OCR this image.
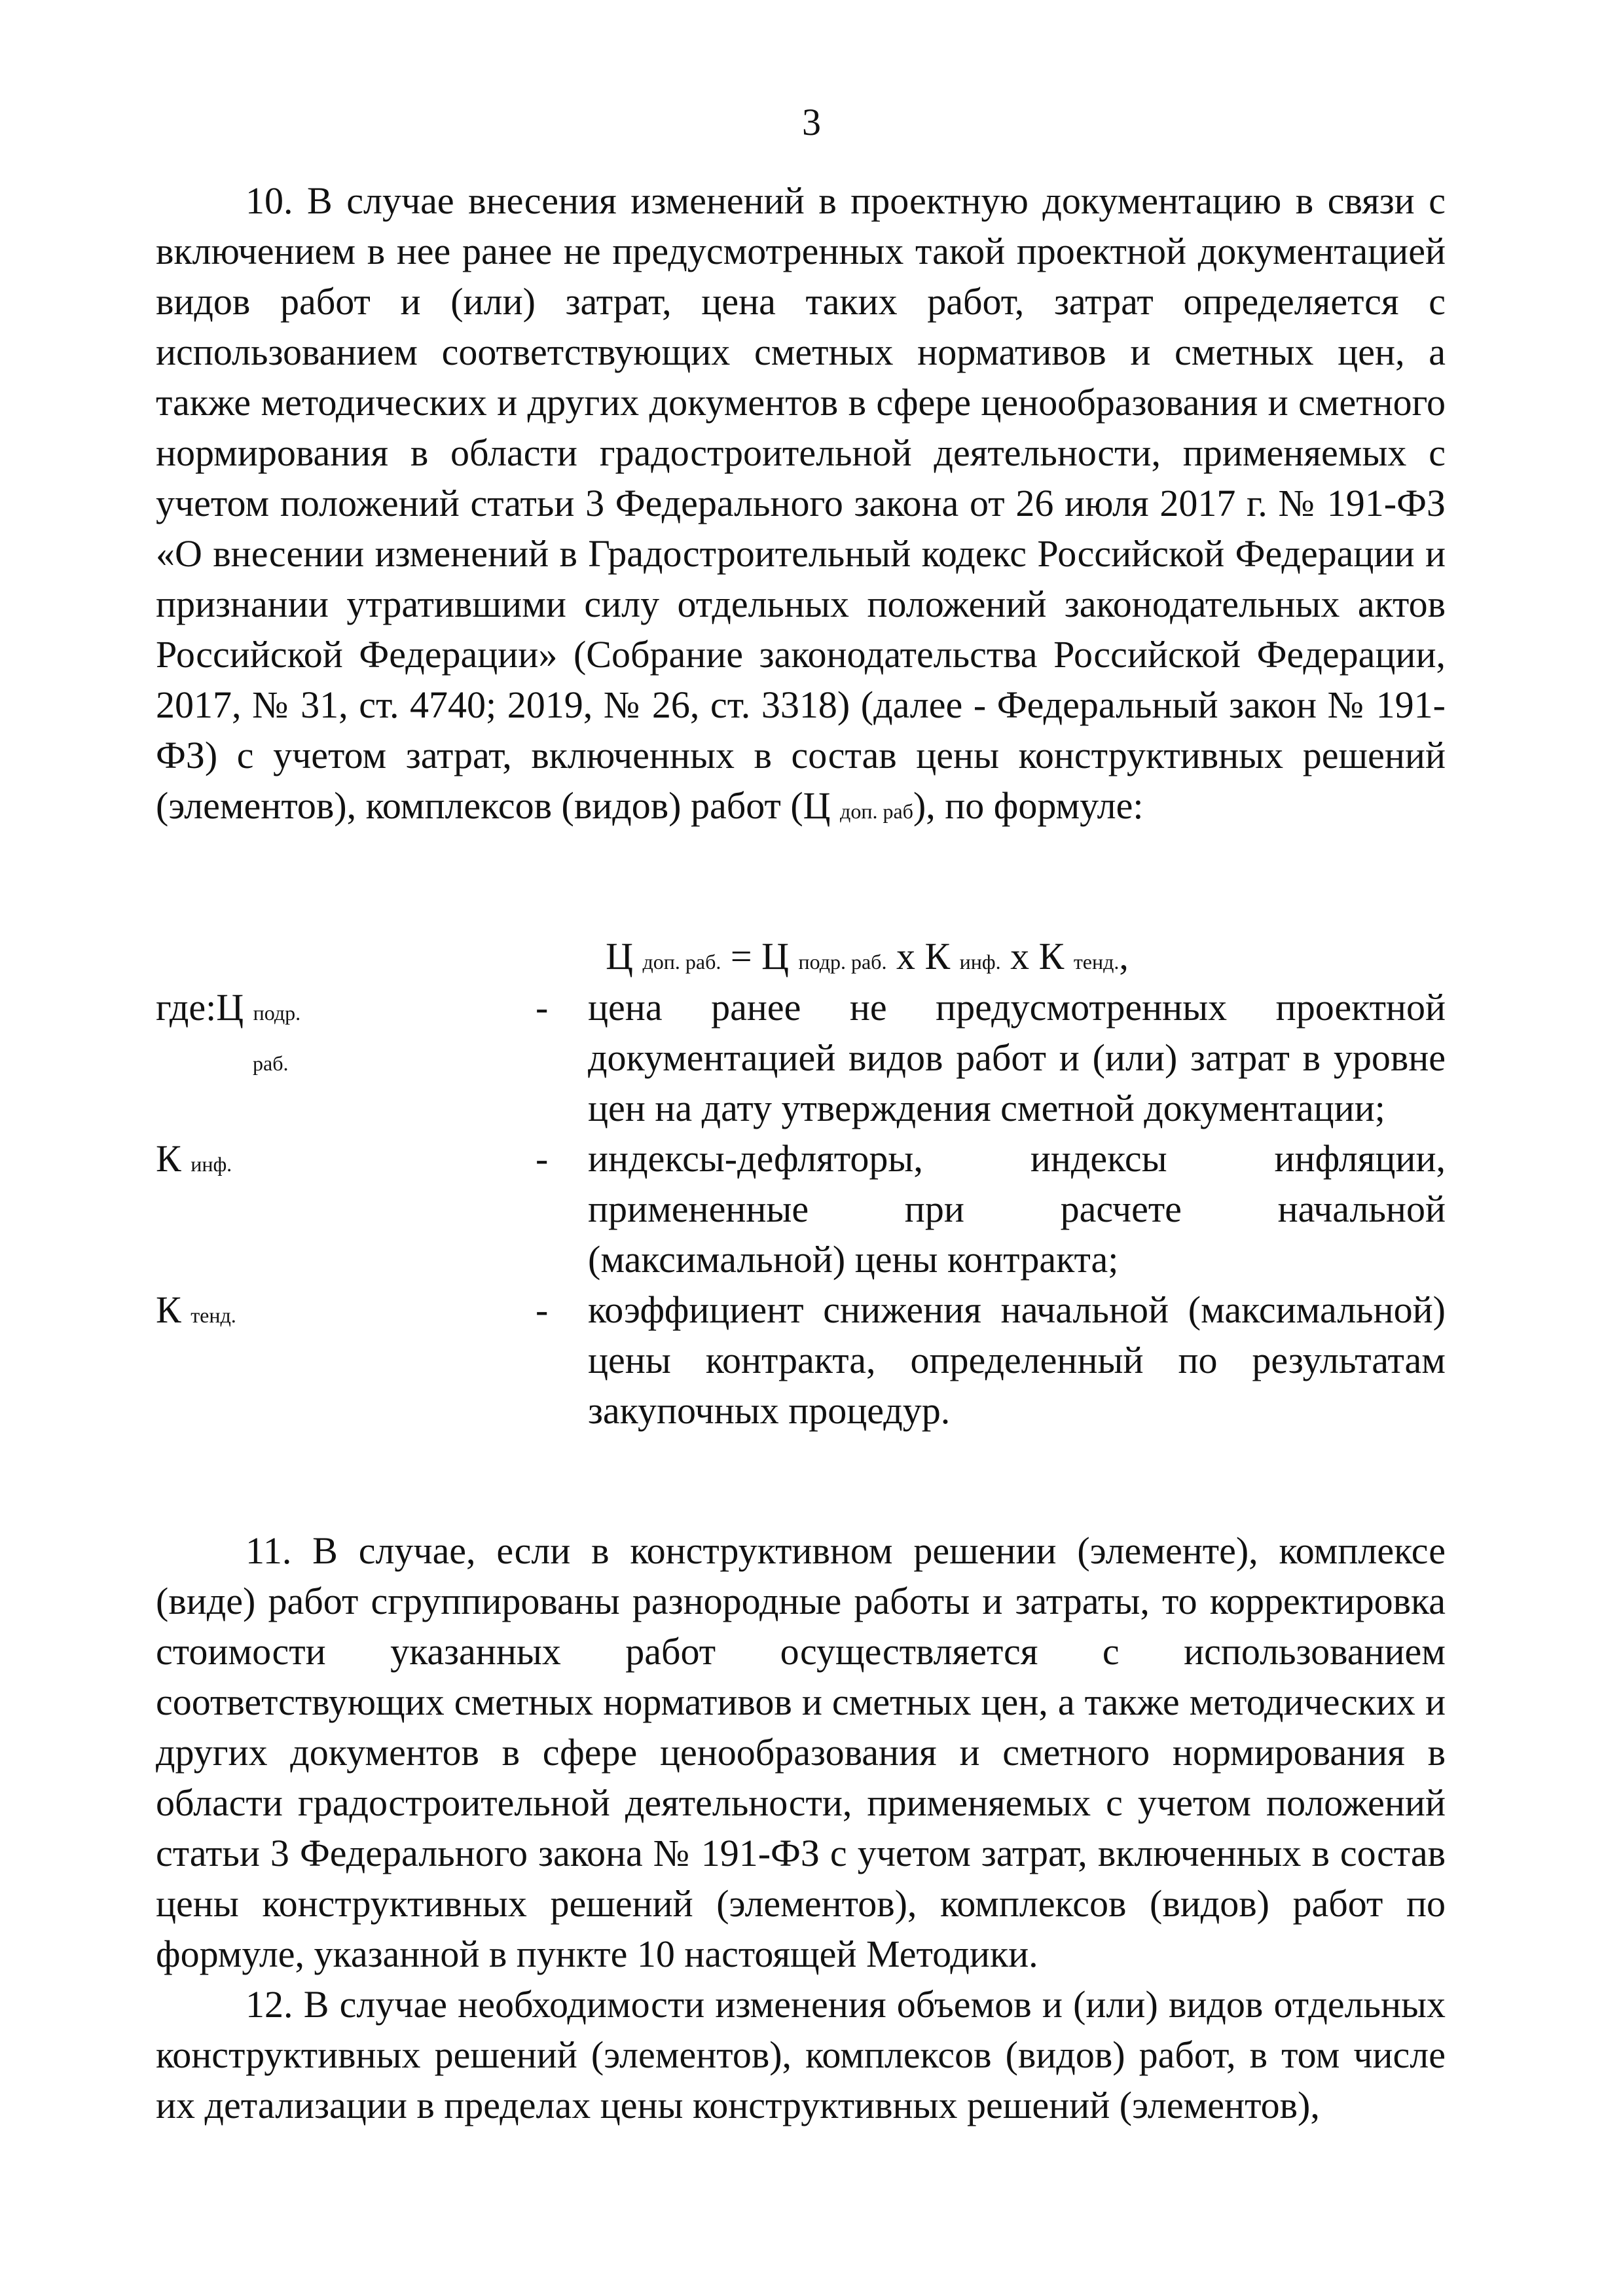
3

10. В случае внесения изменений в проектную документацию в связи с включением в нее ранее не предусмотренных такой проектной документацией видов работ и (или) затрат, цена таких работ, затрат определяется с использованием соответствующих сметных нормативов и сметных цен, а также методических и других документов в сфере ценообразования и сметного нормирования в области градостроительной деятельности, применяемых с учетом положений статьи 3 Федерального закона от 26 июля 2017 г. № 191-ФЗ «О внесении изменений в Градостроительный кодекс Российской Федерации и признании утратившими силу отдельных положений законодательных актов Российской Федерации» (Собрание законодательства Российской Федерации, 2017, № 31, ст. 4740; 2019, № 26, ст. 3318) (далее - Федеральный закон № 191-ФЗ) с учетом затрат, включенных в состав цены конструктивных решений (элементов), комплексов (видов) работ (Ц доп. раб), по формуле:

Ц доп. раб. = Ц подр. раб. х К инф. х К тенд.,
где:Ц подр.
раб.
- цена ранее не предусмотренных проектной документацией видов работ и (или) затрат в уровне цен на дату утверждения сметной документации;

К инф.	- индексы-дефляторы, индексы инфляции, примененные при расчете начальной (максимальной) цены контракта;

К тенд.	- коэффициент снижения начальной (максимальной) цены контракта, определенный по результатам закупочных процедур.

11. В случае, если в конструктивном решении (элементе), комплексе (виде) работ сгруппированы разнородные работы и затраты, то корректировка стоимости указанных работ осуществляется с использованием соответствующих сметных нормативов и сметных цен, а также методических и других документов в сфере ценообразования и сметного нормирования в области градостроительной деятельности, применяемых с учетом положений статьи 3 Федерального закона № 191-ФЗ с учетом затрат, включенных в состав цены конструктивных решений (элементов), комплексов (видов) работ по формуле, указанной в пункте 10 настоящей Методики.

12. В случае необходимости изменения объемов и (или) видов отдельных конструктивных решений (элементов), комплексов (видов) работ, в том числе их детализации в пределах цены конструктивных решений (элементов),
